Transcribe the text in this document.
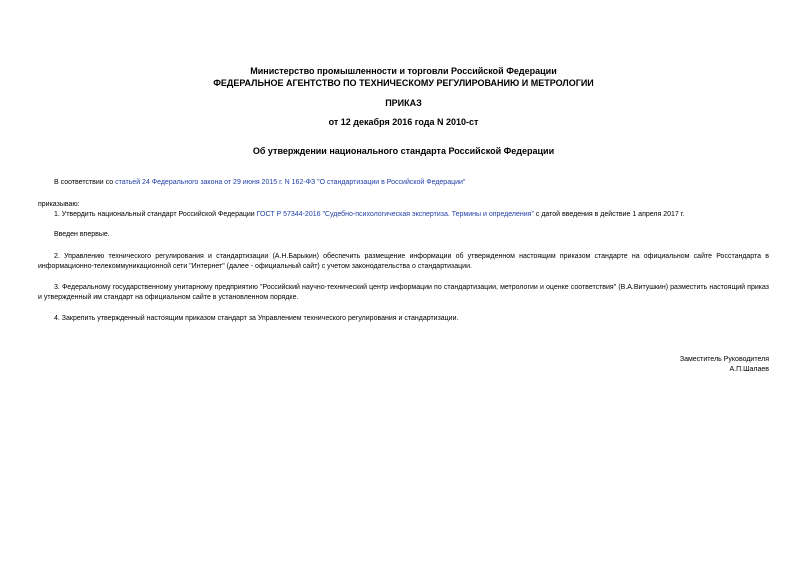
Министерство промышленности и торговли Российской Федерации
ФЕДЕРАЛЬНОЕ АГЕНТСТВО ПО ТЕХНИЧЕСКОМУ РЕГУЛИРОВАНИЮ И МЕТРОЛОГИИ
ПРИКАЗ
от 12 декабря 2016 года N 2010-ст
Об утверждении национального стандарта Российской Федерации
В соответствии со статьей 24 Федерального закона от 29 июня 2015 г. N 162-ФЗ "О стандартизации в Российской Федерации"
приказываю:
1. Утвердить национальный стандарт Российской Федерации ГОСТ Р 57344-2016 "Судебно-психологическая экспертиза. Термины и определения" с датой введения в действие 1 апреля 2017 г.
Введен впервые.
2. Управлению технического регулирования и стандартизации (А.Н.Барыкин) обеспечить размещение информации об утвержденном настоящим приказом стандарте на официальном сайте Росстандарта в информационно-телекоммуникационной сети "Интернет" (далее - официальный сайт) с учетом законодательства о стандартизации.
3. Федеральному государственному унитарному предприятию "Российский научно-технический центр информации по стандартизации, метрологии и оценке соответствия" (В.А.Витушкин) разместить настоящий приказ и утвержденный им стандарт на официальном сайте в установленном порядке.
4. Закрепить утвержденный настоящим приказом стандарт за Управлением технического регулирования и стандартизации.
Заместитель Руководителя
А.П.Шалаев
